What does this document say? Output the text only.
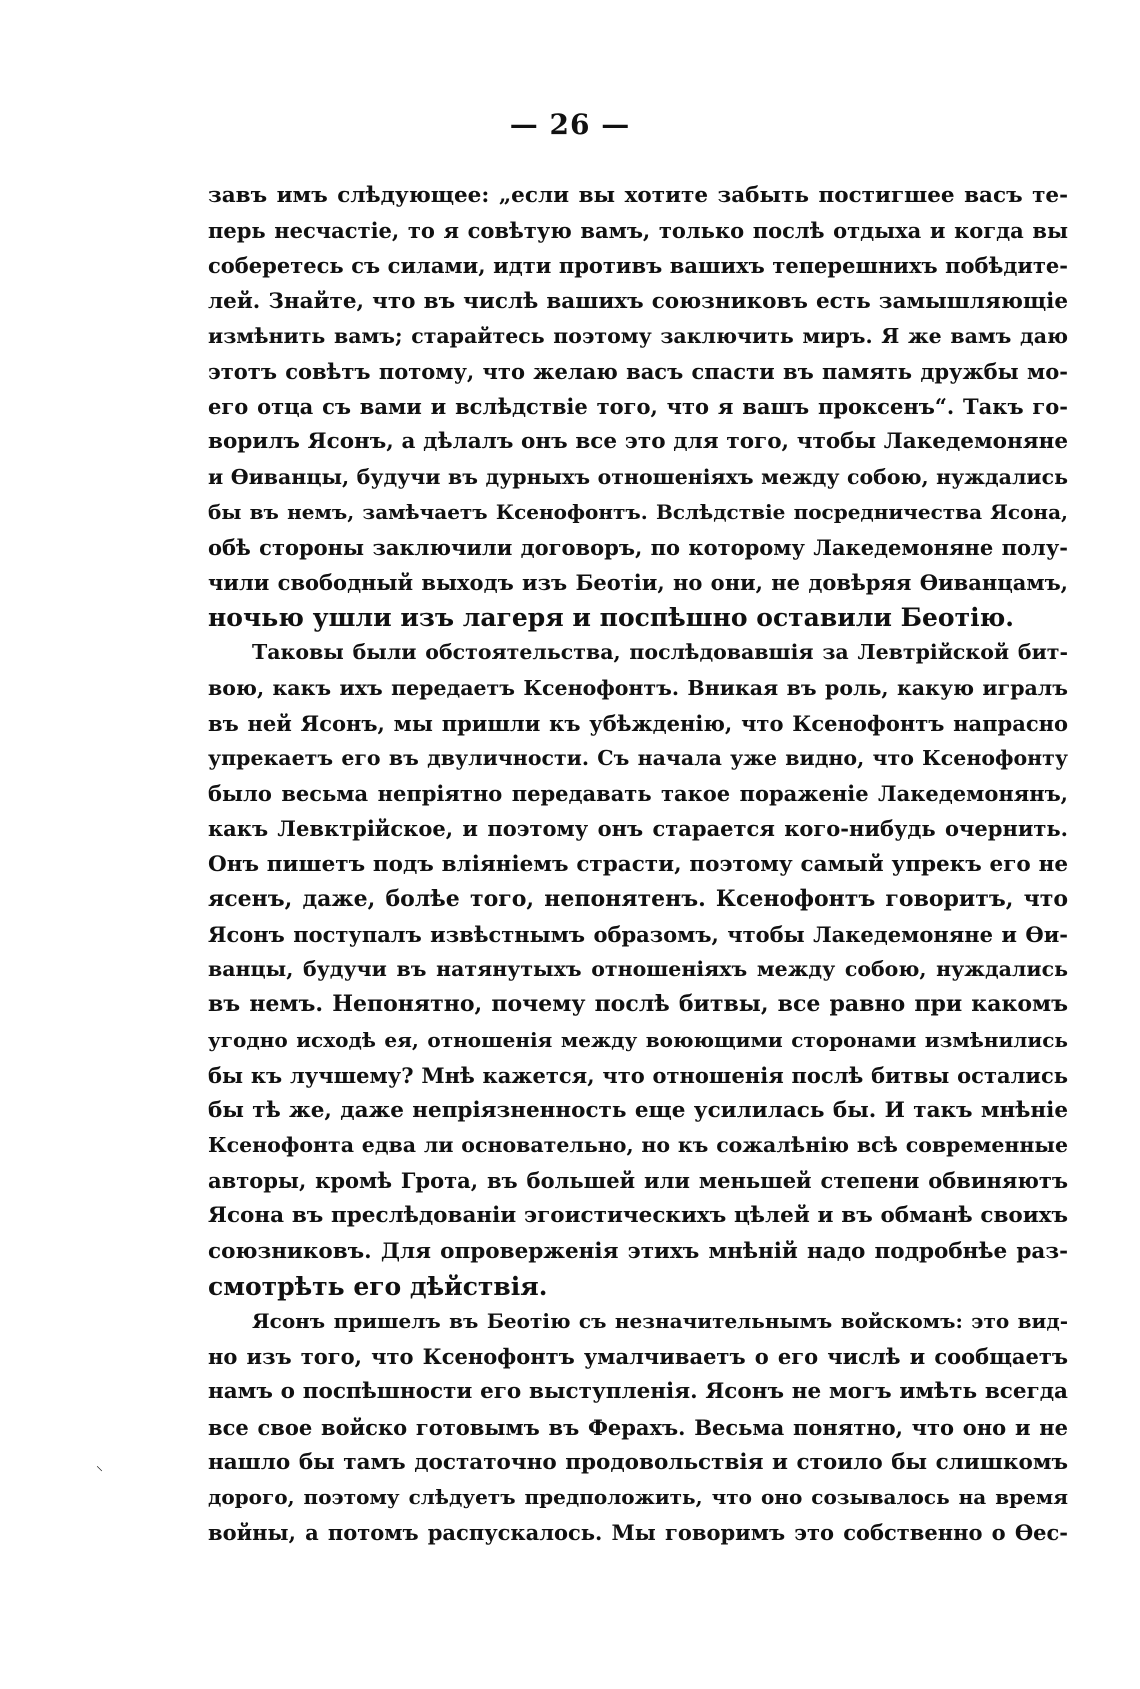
— 26 —
завъ имъ слѣдующее: „если вы хотите забыть постигшее васъ те-
перь несчастіе, то я совѣтую вамъ, только послѣ отдыха и когда вы
соберетесь съ силами, идти противъ вашихъ теперешнихъ побѣдите-
лей. Знайте, что въ числѣ вашихъ союзниковъ есть замышляющіе
измѣнить вамъ; старайтесь поэтому заключить миръ. Я же вамъ даю
этотъ совѣтъ потому, что желаю васъ спасти въ память дружбы мо-
его отца съ вами и вслѣдствіе того, что я вашъ проксенъ“. Такъ го-
ворилъ Ясонъ, а дѣлалъ онъ все это для того, чтобы Лакедемоняне
и Ѳиванцы, будучи въ дурныхъ отношеніяхъ между собою, нуждались
бы въ немъ, замѣчаетъ Ксенофонтъ. Вслѣдствіе посредничества Ясона,
обѣ стороны заключили договоръ, по которому Лакедемоняне полу-
чили свободный выходъ изъ Беотіи, но они, не довѣряя Ѳиванцамъ,
ночью ушли изъ лагеря и поспѣшно оставили Беотію.
Таковы были обстоятельства, послѣдовавшія за Левтрійской бит-
вою, какъ ихъ передаетъ Ксенофонтъ. Вникая въ роль, какую игралъ
въ ней Ясонъ, мы пришли къ убѣжденію, что Ксенофонтъ напрасно
упрекаетъ его въ двуличности. Съ начала уже видно, что Ксенофонту
было весьма непріятно передавать такое пораженіе Лакедемонянъ,
какъ Левктрійское, и поэтому онъ старается кого-нибудь очернить.
Онъ пишетъ подъ вліяніемъ страсти, поэтому самый упрекъ его не
ясенъ, даже, болѣе того, непонятенъ. Ксенофонтъ говоритъ, что
Ясонъ поступалъ извѣстнымъ образомъ, чтобы Лакедемоняне и Ѳи-
ванцы, будучи въ натянутыхъ отношеніяхъ между собою, нуждались
въ немъ. Непонятно, почему послѣ битвы, все равно при какомъ
угодно исходѣ ея, отношенія между воюющими сторонами измѣнились
бы къ лучшему? Мнѣ кажется, что отношенія послѣ битвы остались
бы тѣ же, даже непріязненность еще усилилась бы. И такъ мнѣніе
Ксенофонта едва ли основательно, но къ сожалѣнію всѣ современные
авторы, кромѣ Грота, въ большей или меньшей степени обвиняютъ
Ясона въ преслѣдованіи эгоистическихъ цѣлей и въ обманѣ своихъ
союзниковъ. Для опроверженія этихъ мнѣній надо подробнѣе раз-
смотрѣть его дѣйствія.
Ясонъ пришелъ въ Беотію съ незначительнымъ войскомъ: это вид-
но изъ того, что Ксенофонтъ умалчиваетъ о его числѣ и сообщаетъ
намъ о поспѣшности его выступленія. Ясонъ не могъ имѣть всегда
все свое войско готовымъ въ Ферахъ. Весьма понятно, что оно и не
нашло бы тамъ достаточно продовольствія и стоило бы слишкомъ
дорого, поэтому слѣдуетъ предположить, что оно созывалось на время
войны, а потомъ распускалось. Мы говоримъ это собственно о Ѳес-
⸌
